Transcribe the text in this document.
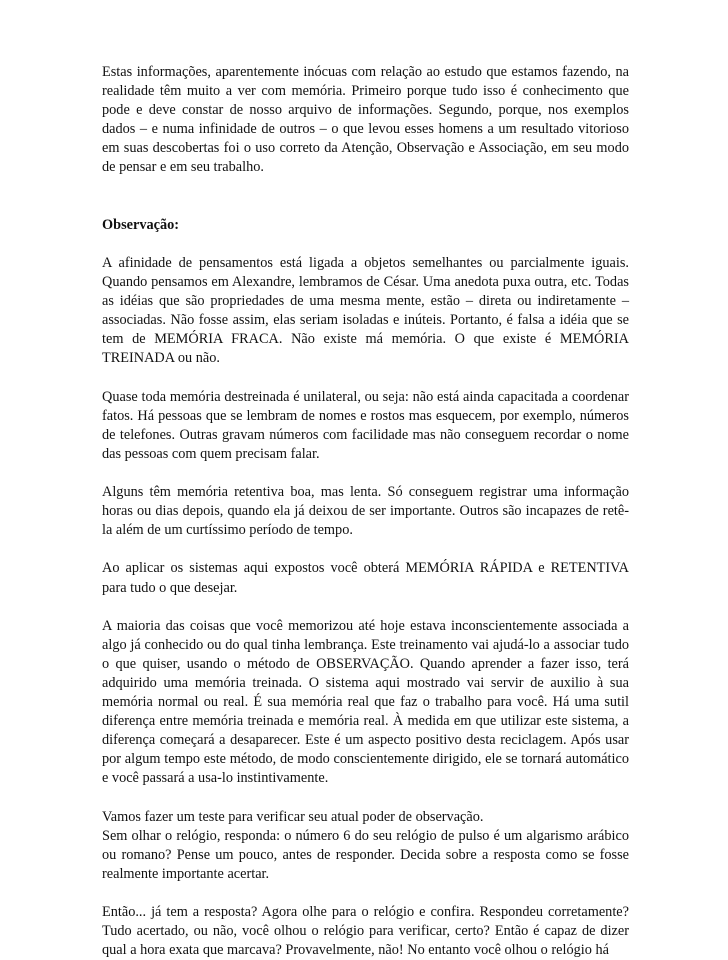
Estas informações, aparentemente inócuas com relação ao estudo que estamos fazendo, na realidade têm muito a ver com memória. Primeiro porque tudo isso é conhecimento que pode e deve constar de nosso arquivo de informações. Segundo, porque, nos exemplos dados – e numa infinidade de outros – o que levou esses homens a um resultado vitorioso em suas descobertas foi o uso correto da Atenção, Observação e Associação, em seu modo de pensar e em seu trabalho.

Observação:

A afinidade de pensamentos está ligada a objetos semelhantes ou parcialmente iguais. Quando pensamos em Alexandre, lembramos de César. Uma anedota puxa outra, etc. Todas as idéias que são propriedades de uma mesma mente, estão – direta ou indiretamente – associadas. Não fosse assim, elas seriam isoladas e inúteis. Portanto, é falsa a idéia que se tem de MEMÓRIA FRACA. Não existe má memória. O que existe é MEMÓRIA TREINADA ou não.

Quase toda memória destreinada é unilateral, ou seja: não está ainda capacitada a coordenar fatos. Há pessoas que se lembram de nomes e rostos mas esquecem, por exemplo, números de telefones. Outras gravam números com facilidade mas não conseguem recordar o nome das pessoas com quem precisam falar.

Alguns têm memória retentiva boa, mas lenta. Só conseguem registrar uma informação horas ou dias depois, quando ela já deixou de ser importante. Outros são incapazes de retê-la além de um curtíssimo período de tempo.

Ao aplicar os sistemas aqui expostos você obterá MEMÓRIA RÁPIDA e RETENTIVA para tudo o que desejar.

A maioria das coisas que você memorizou até hoje estava inconscientemente associada a algo já conhecido ou do qual tinha lembrança. Este treinamento vai ajudá-lo a associar tudo o que quiser, usando o método de OBSERVAÇÃO. Quando aprender a fazer isso, terá adquirido uma memória treinada. O sistema aqui mostrado vai servir de auxilio à sua memória normal ou real. É sua memória real que faz o trabalho para você. Há uma sutil diferença entre memória treinada e memória real. À medida em que utilizar este sistema, a diferença começará a desaparecer. Este é um aspecto positivo desta reciclagem. Após usar por algum tempo este método, de modo conscientemente dirigido, ele se tornará automático e você passará a usa-lo instintivamente.

Vamos fazer um teste para verificar seu atual poder de observação.

Sem olhar o relógio, responda: o número 6 do seu relógio de pulso é um algarismo arábico ou romano? Pense um pouco, antes de responder. Decida sobre a resposta como se fosse realmente importante acertar.

Então... já tem a resposta? Agora olhe para o relógio e confira. Respondeu corretamente? Tudo acertado, ou não, você olhou o relógio para verificar, certo? Então é capaz de dizer qual a hora exata que marcava? Provavelmente, não! No entanto você olhou o relógio há
